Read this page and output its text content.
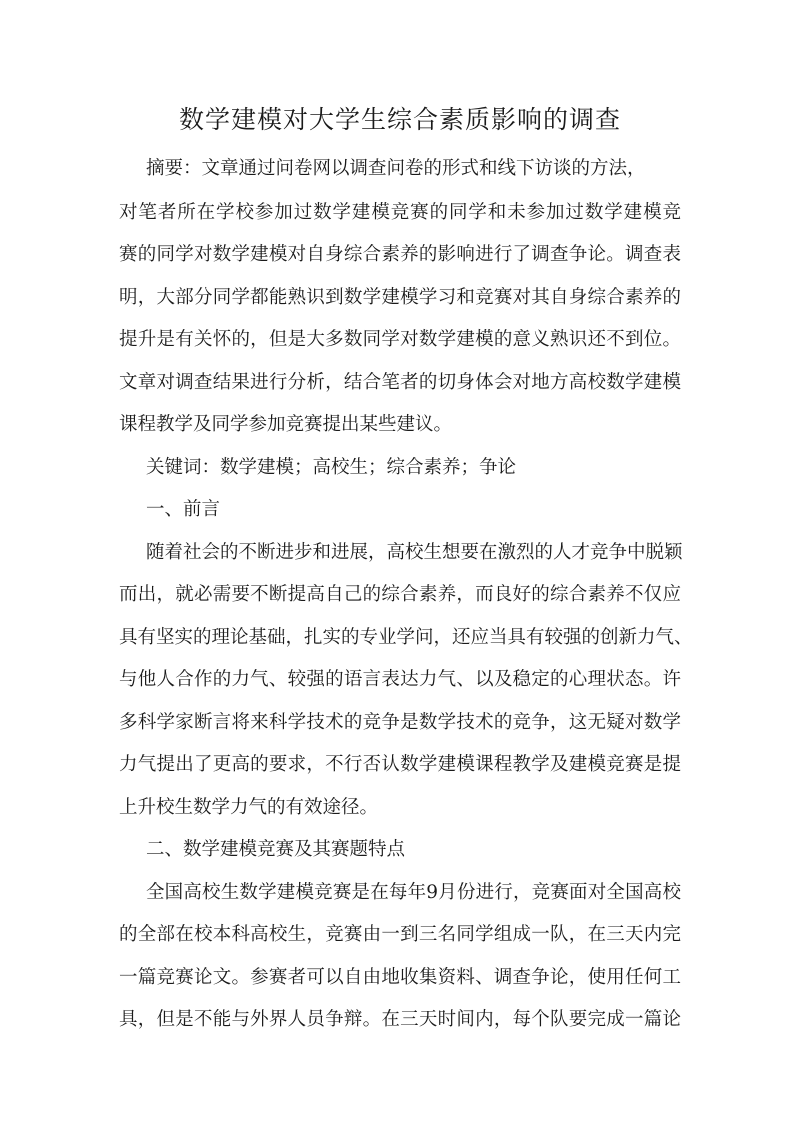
数学建模对大学生综合素质影响的调查

摘要：文章通过问卷网以调查问卷的形式和线下访谈的方法，

对笔者所在学校参加过数学建模竞赛的同学和未参加过数学建模竞

赛的同学对数学建模对自身综合素养的影响进行了调查争论。调查表

明，大部分同学都能熟识到数学建模学习和竞赛对其自身综合素养的

提升是有关怀的，但是大多数同学对数学建模的意义熟识还不到位。

文章对调查结果进行分析，结合笔者的切身体会对地方高校数学建模

课程教学及同学参加竞赛提出某些建议。

关键词：数学建模；高校生；综合素养；争论

一、前言

随着社会的不断进步和进展，高校生想要在激烈的人才竞争中脱颖

而出，就必需要不断提高自己的综合素养，而良好的综合素养不仅应

具有坚实的理论基础，扎实的专业学问，还应当具有较强的创新力气、

与他人合作的力气、较强的语言表达力气、以及稳定的心理状态。许

多科学家断言将来科学技术的竞争是数学技术的竞争，这无疑对数学

力气提出了更高的要求，不行否认数学建模课程教学及建模竞赛是提

上升校生数学力气的有效途径。

二、数学建模竞赛及其赛题特点

全国高校生数学建模竞赛是在每年9月份进行，竞赛面对全国高校

的全部在校本科高校生，竞赛由一到三名同学组成一队，在三天内完

一篇竞赛论文。参赛者可以自由地收集资料、调查争论，使用任何工

具，但是不能与外界人员争辩。在三天时间内，每个队要完成一篇论
